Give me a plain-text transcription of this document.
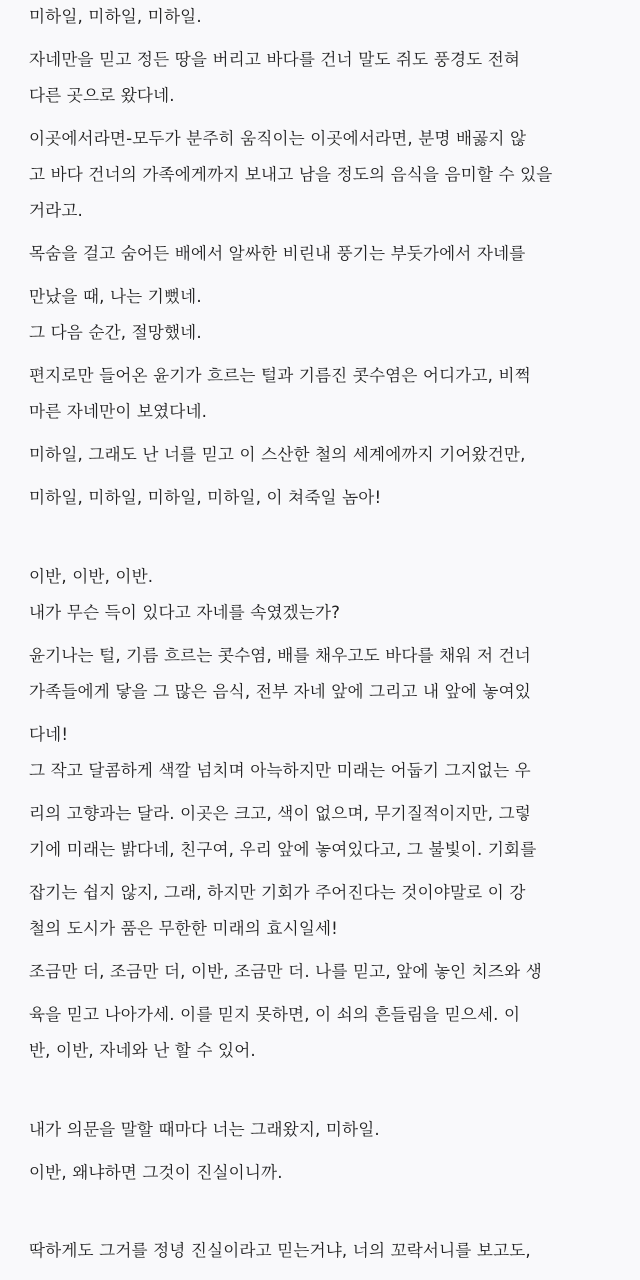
미하일, 미하일, 미하일.
자네만을 믿고 정든 땅을 버리고 바다를 건너 말도 쥐도 풍경도 전혀
다른 곳으로 왔다네.
이곳에서라면-모두가 분주히 움직이는 이곳에서라면, 분명 배곯지 않
고 바다 건너의 가족에게까지 보내고 남을 정도의 음식을 음미할 수 있을
거라고.
목숨을 걸고 숨어든 배에서 알싸한 비린내 풍기는 부둣가에서 자네를
만났을 때, 나는 기뻤네.
그 다음 순간, 절망했네.
편지로만 들어온 윤기가 흐르는 털과 기름진 콧수염은 어디가고, 비쩍
마른 자네만이 보였다네.
미하일, 그래도 난 너를 믿고 이 스산한 철의 세계에까지 기어왔건만,
미하일, 미하일, 미하일, 미하일, 이 쳐죽일 놈아!
이반, 이반, 이반.
내가 무슨 득이 있다고 자네를 속였겠는가?
윤기나는 털, 기름 흐르는 콧수염, 배를 채우고도 바다를 채워 저 건너
가족들에게 닿을 그 많은 음식, 전부 자네 앞에 그리고 내 앞에 놓여있
다네!
그 작고 달콤하게 색깔 넘치며 아늑하지만 미래는 어둡기 그지없는 우
리의 고향과는 달라. 이곳은 크고, 색이 없으며, 무기질적이지만, 그렇
기에 미래는 밝다네, 친구여, 우리 앞에 놓여있다고, 그 불빛이. 기회를
잡기는 쉽지 않지, 그래, 하지만 기회가 주어진다는 것이야말로 이 강
철의 도시가 품은 무한한 미래의 효시일세!
조금만 더, 조금만 더, 이반, 조금만 더. 나를 믿고, 앞에 놓인 치즈와 생
육을 믿고 나아가세. 이를 믿지 못하면, 이 쇠의 흔들림을 믿으세. 이
반, 이반, 자네와 난 할 수 있어.
내가 의문을 말할 때마다 너는 그래왔지, 미하일.
이반, 왜냐하면 그것이 진실이니까.
딱하게도 그거를 정녕 진실이라고 믿는거냐, 너의 꼬락서니를 보고도,
